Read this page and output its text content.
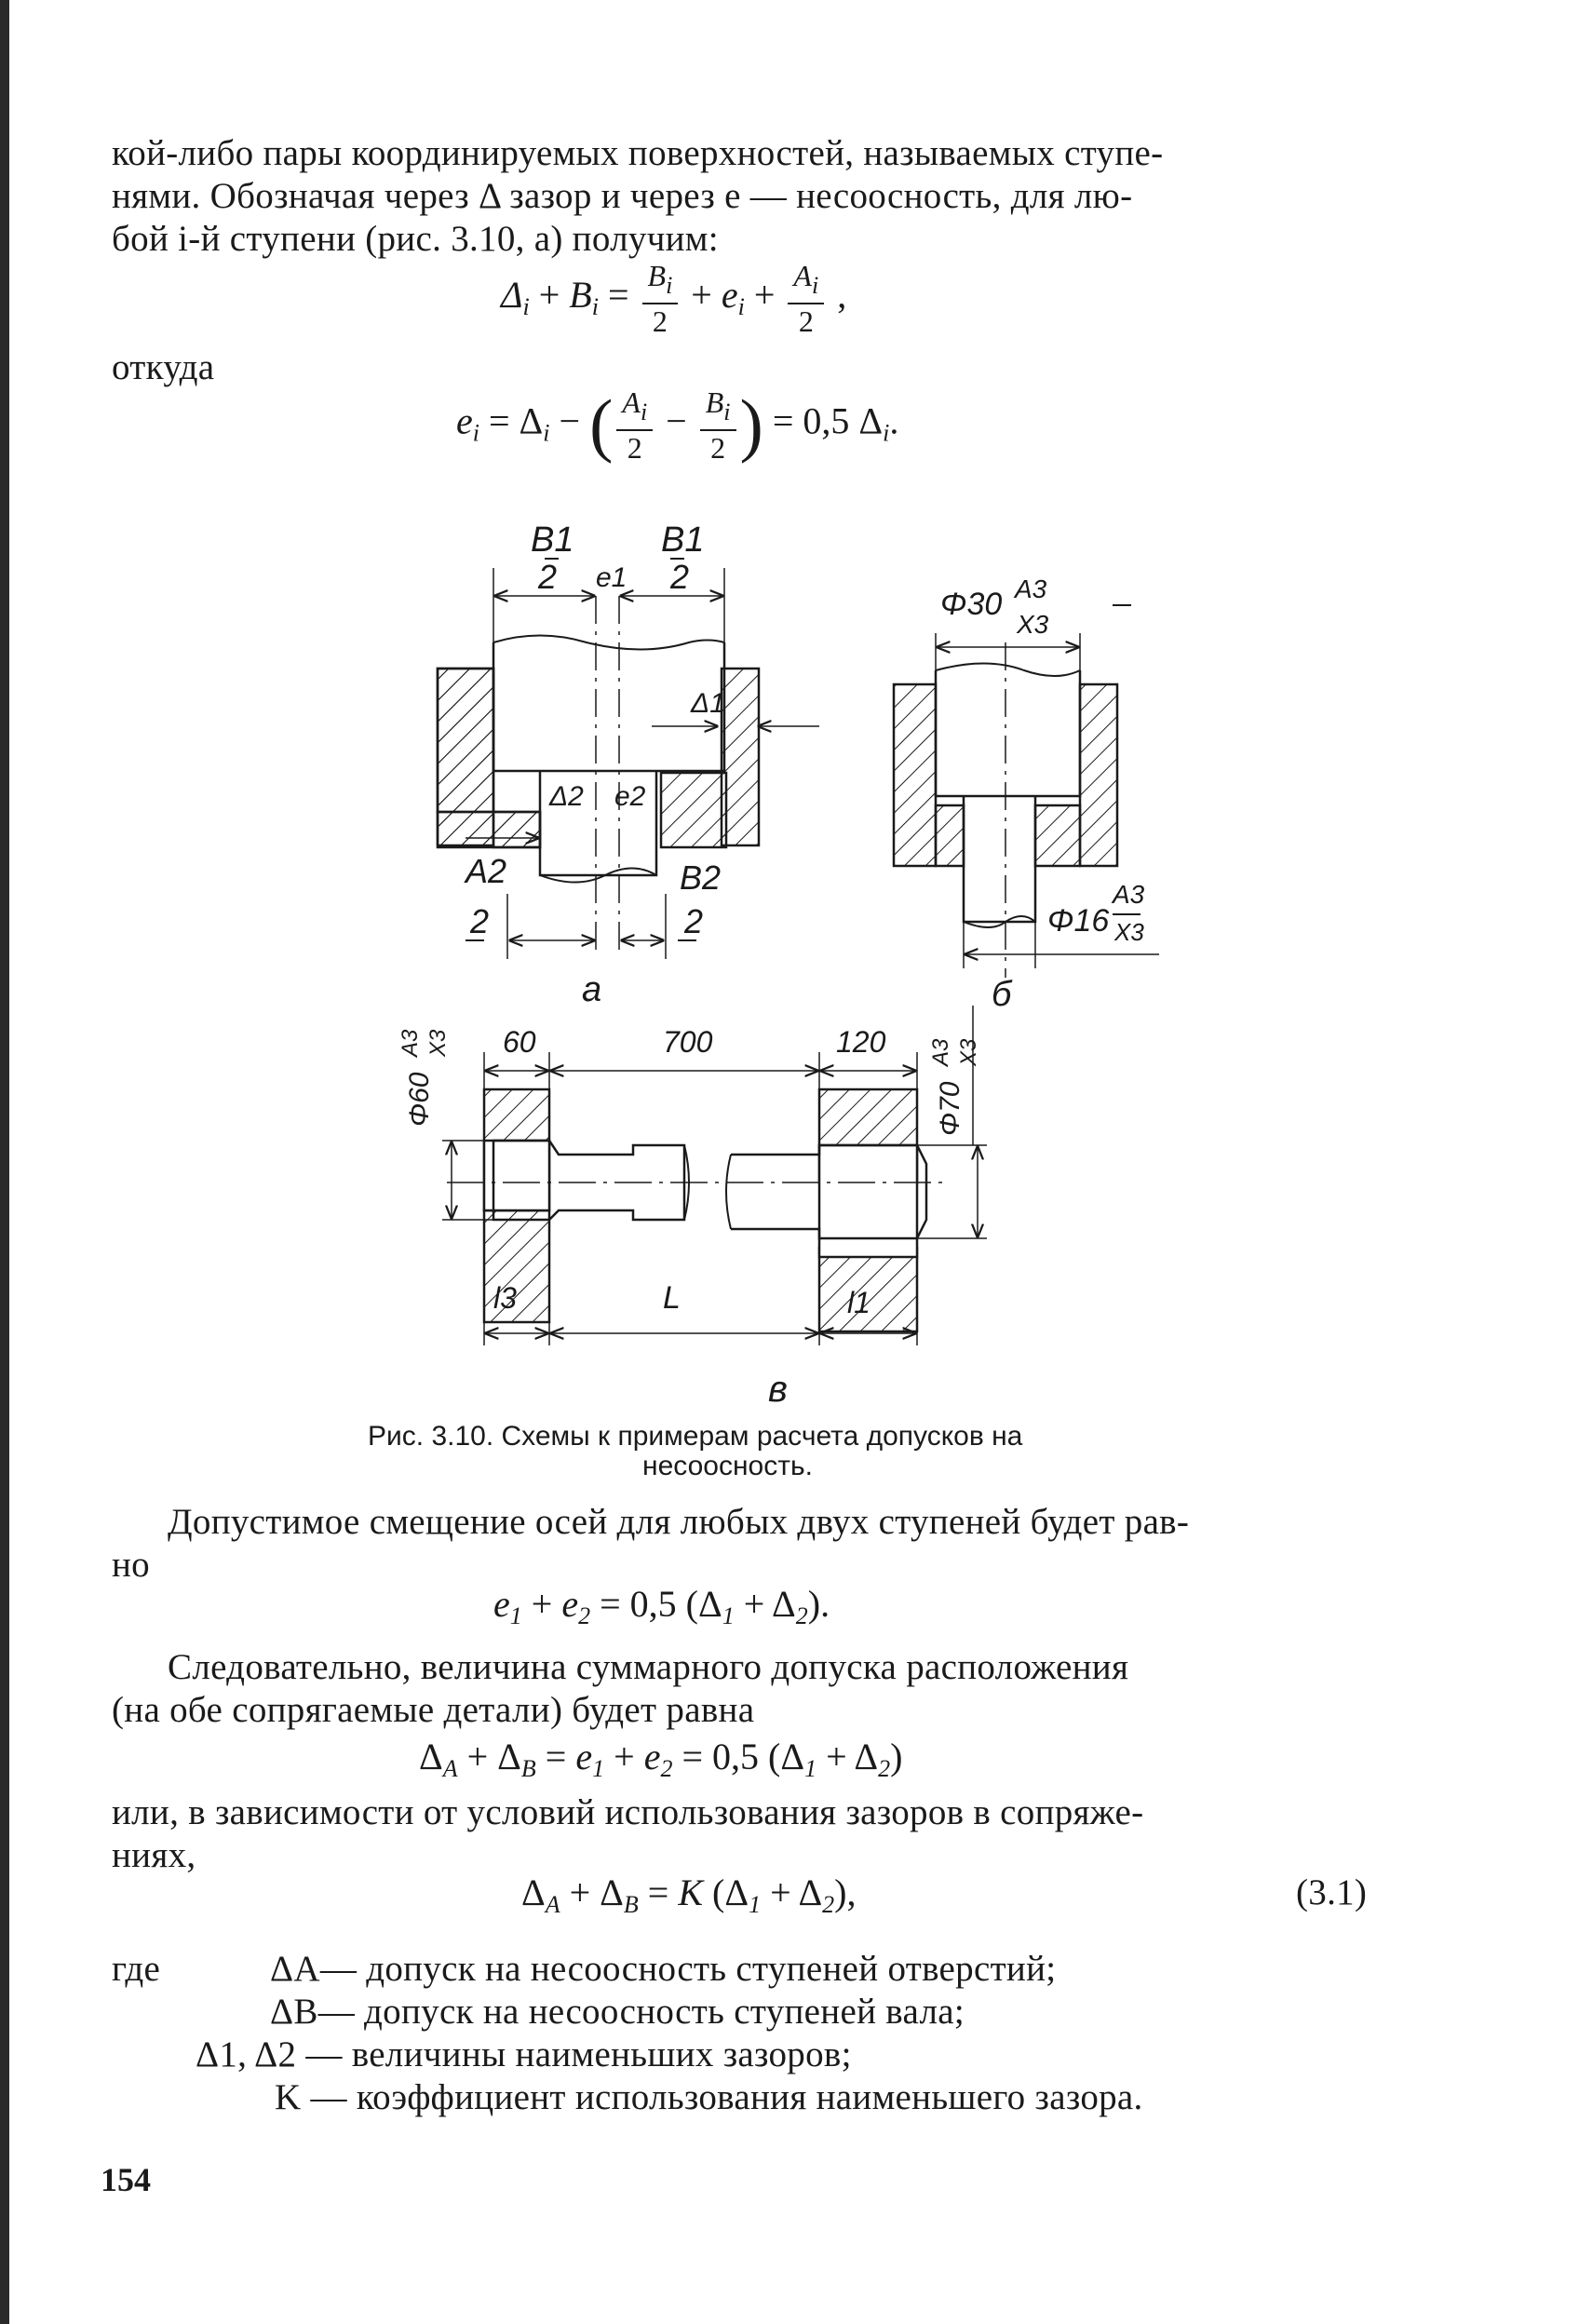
кой-либо пары координируемых поверхностей, называемых ступе-
нями. Обозначая через Δ зазор и через e — несоосность, для лю-
бой i-й ступени (рис. 3.10, a) получим:
$\Delta_i + B_i = \frac{B_i}{2} + e_i + \frac{A_i}{2}$ ,
откуда
$e_i = \Delta_i$ − ( $\frac{A_i}{2} - \frac{B_i}{2}$ ) = 0,5 $\Delta_i$.
B1
2
B1
2
e1
Δ1
Δ2 e2
A2
2
B2
2
a
Φ30 A3
X3
Φ16
A3
X3
б
60	700	120
l3	L	l1
Φ60
A3 X3
Φ70
A3 X3
в
Рис. 3.10. Схемы к примерам расчета допусков на
несоосность.
Допустимое смещение осей для любых двух ступеней будет рав-
но
$e_1 + e_2 = 0,5$ $(\Delta_1 + \Delta_2)$.
Следовательно, величина суммарного допуска расположения
(на обе сопрягаемые детали) будет равна
$\Delta_A + \Delta_B = e_1 + e_2 = 0,5$ $(\Delta_1 + \Delta_2)$
или, в зависимости от условий использования зазоров в сопряже-
ниях,
$\Delta_A + \Delta_B = K$ $(\Delta_1 + \Delta_2)$,	(3.1)
где	ΔA— допуск на несоосность ступеней отверстий;
ΔB— допуск на несоосность ступеней вала;
Δ1, Δ2 — величины наименьших зазоров;
K — коэффициент использования наименьшего зазора.
154
